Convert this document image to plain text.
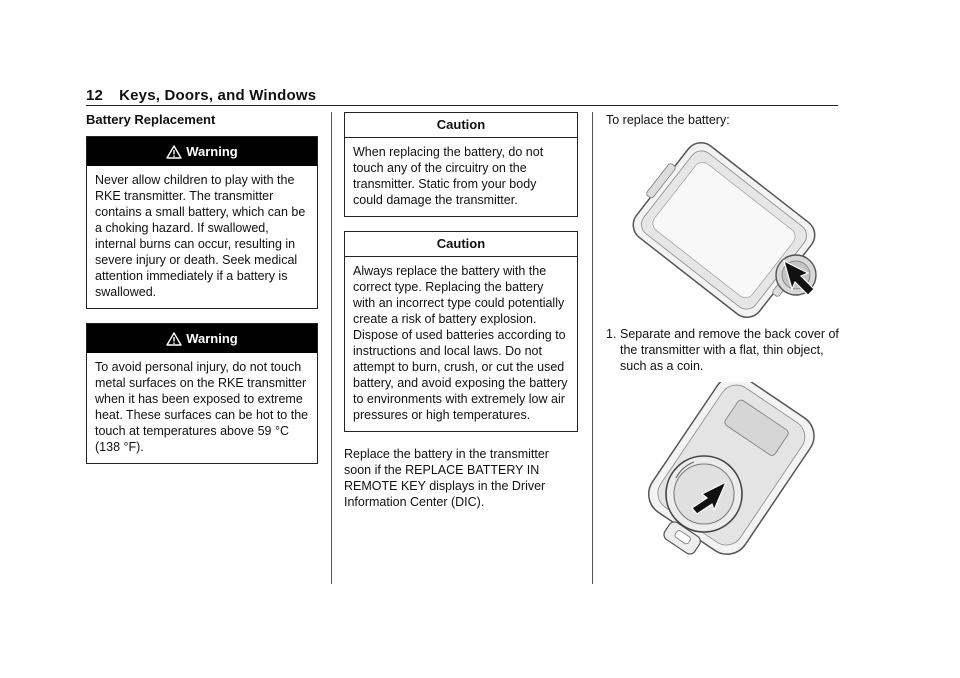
12 Keys, Doors, and Windows
Battery Replacement
Warning

Never allow children to play with the RKE transmitter. The transmitter contains a small battery, which can be a choking hazard. If swallowed, internal burns can occur, resulting in severe injury or death. Seek medical attention immediately if a battery is swallowed.

Warning

To avoid personal injury, do not touch metal surfaces on the RKE transmitter when it has been exposed to extreme heat. These surfaces can be hot to the touch at temperatures above 59 °C (138 °F).

Caution

When replacing the battery, do not touch any of the circuitry on the transmitter. Static from your body could damage the transmitter.

Caution

Always replace the battery with the correct type. Replacing the battery with an incorrect type could potentially create a risk of battery explosion. Dispose of used batteries according to instructions and local laws. Do not attempt to burn, crush, or cut the used battery, and avoid exposing the battery to environments with extremely low air pressures or high temperatures.

Replace the battery in the transmitter soon if the REPLACE BATTERY IN REMOTE KEY displays in the Driver Information Center (DIC).

To replace the battery:

1. Separate and remove the back cover of the transmitter with a flat, thin object, such as a coin.
